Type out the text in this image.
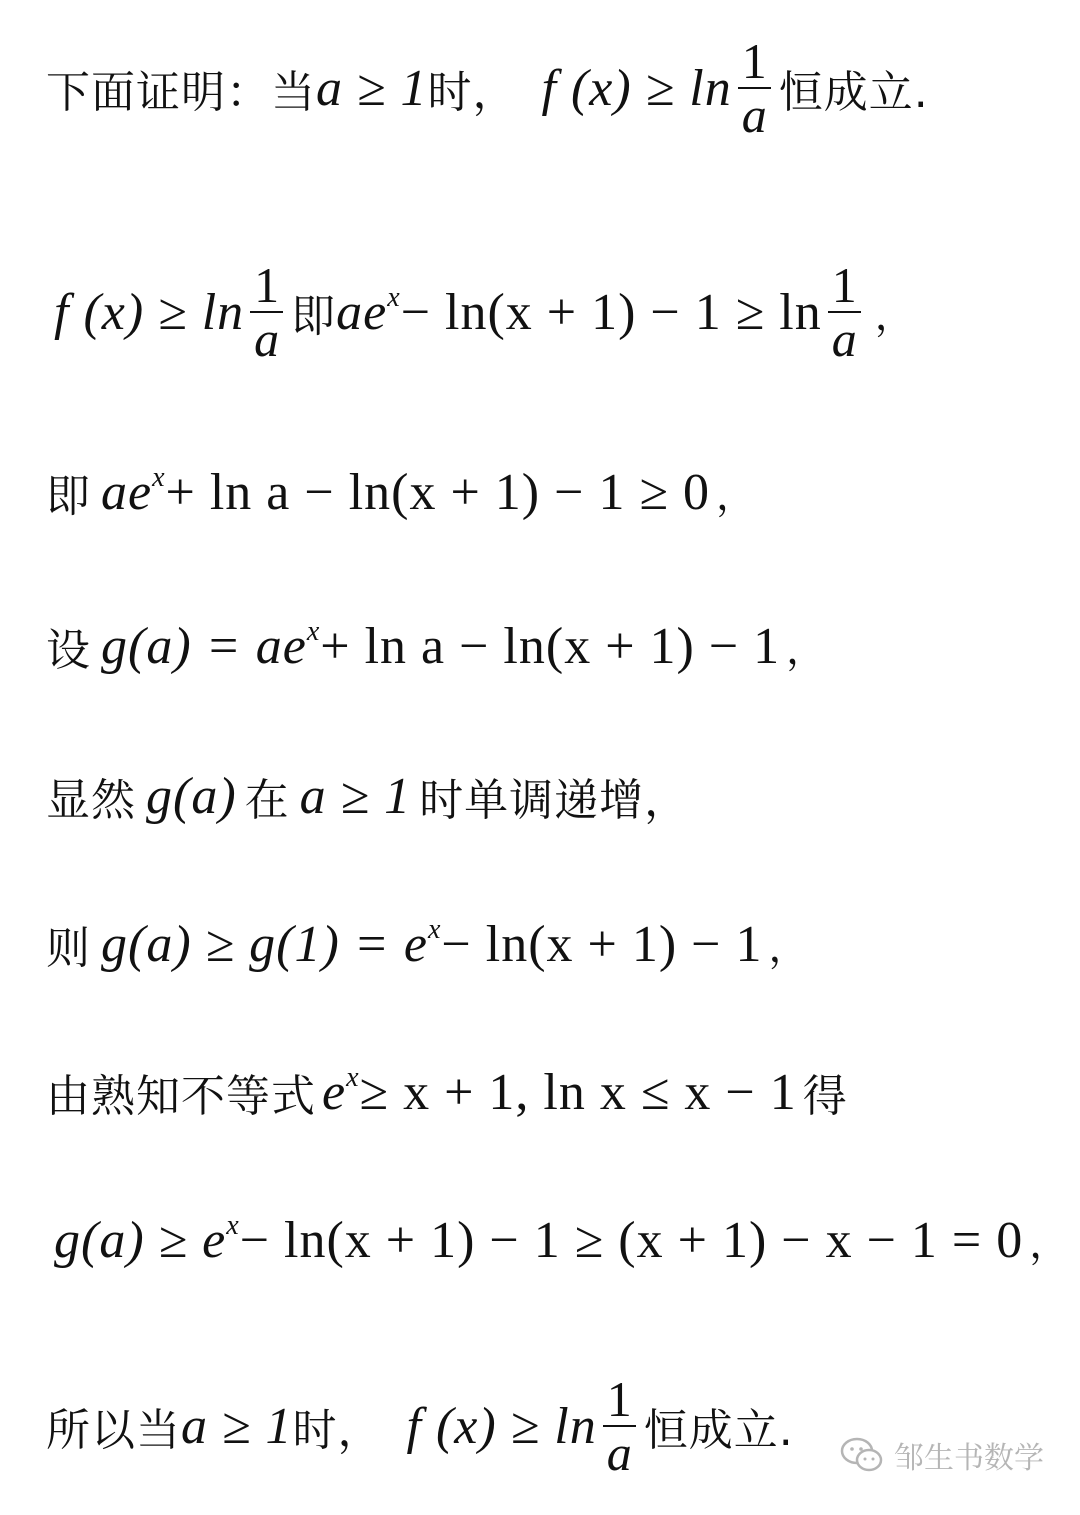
下面证明：当 a ≥ 1 时， f $(x) \ge \ln \frac{1}{a}$ 恒成立.
f $(x) \ge \ln \frac{1}{a}$ 即 $ae^x - \ln(x + 1) - 1 \ge \ln \frac{1}{a}$ ，
即 $ae^x + \ln a - \ln(x + 1) - 1 \ge 0$ ，
设 $g(a) = ae^x + \ln a - \ln(x + 1) - 1$ ，
显然 g(a) 在 a ≥ 1 时单调递增，
则 $g(a) \ge g(1) = e^x - \ln(x + 1) - 1$ ，
由熟知不等式 $e^x \ge x + 1$, ln x ≤ x − 1 得
$g(a) \ge e^x - \ln(x + 1) - 1 \ge (x + 1) - x - 1 = 0$ ，
所以当 a ≥ 1 时， f $(x) \ge \ln \frac{1}{a}$ 恒成立.
邹生书数学
